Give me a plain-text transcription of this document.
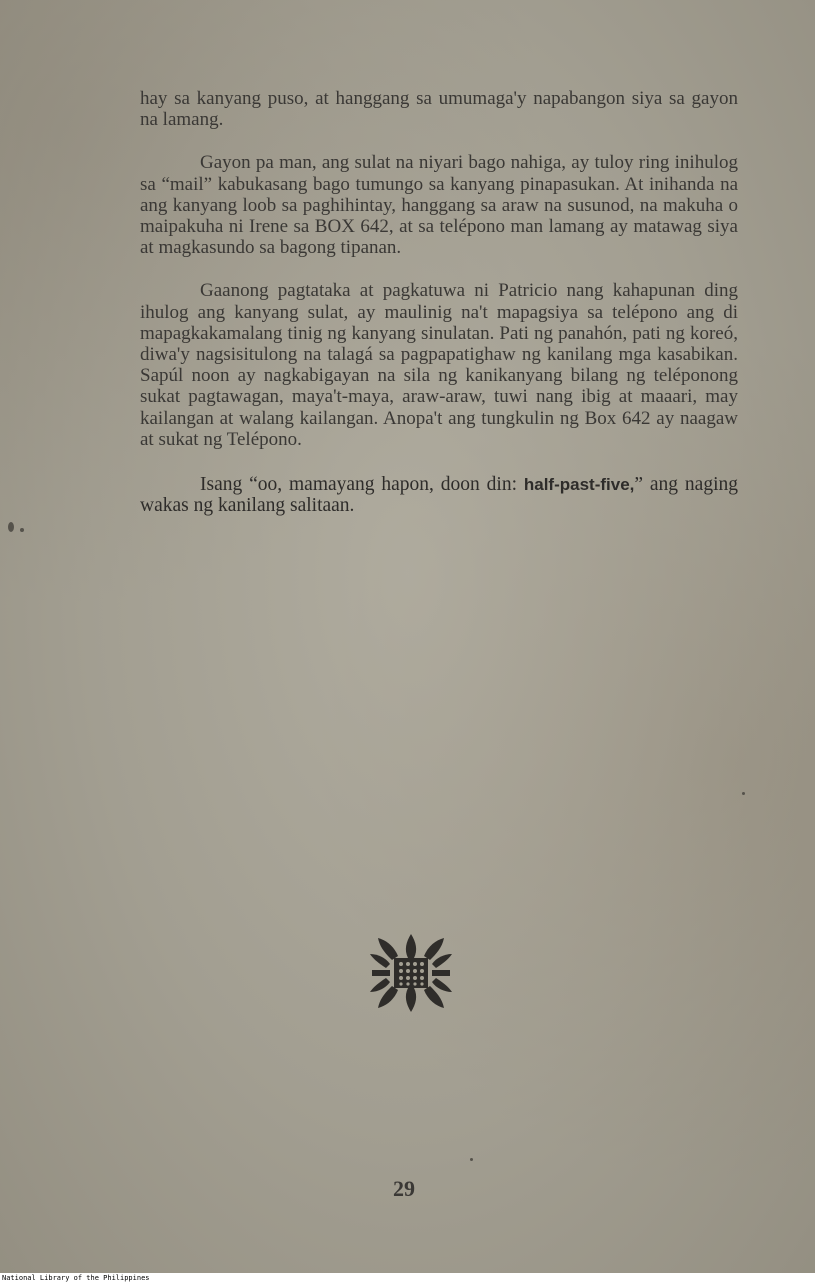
hay sa kanyang puso, at hanggang sa umumaga'y napabangon siya sa gayon na lamang.

Gayon pa man, ang sulat na niyari bago nahiga, ay tuloy ring inihulog sa “mail” kabukasang bago tumungo sa kanyang pinapasukan. At inihanda na ang kanyang loob sa paghihintay, hanggang sa araw na susunod, na makuha o maipakuha ni Irene sa BOX 642, at sa telépono man lamang ay matawag siya at magkasundo sa bagong tipanan.

Gaanong pagtataka at pagkatuwa ni Patricio nang kahapunan ding ihulog ang kanyang sulat, ay maulinig na't mapagsiya sa telépono ang di mapagkakamalang tinig ng kanyang sinulatan. Pati ng panahón, pati ng koreó, diwa'y nagsisitulong na talagá sa pagpapatighaw ng kanilang mga kasabikan. Sapúl noon ay nagkabigayan na sila ng kanikanyang bilang ng teléponong sukat pagtawagan, maya't-maya, araw-araw, tuwi nang ibig at maaari, may kailangan at walang kailangan. Anopa't ang tungkulin ng Box 642 ay naagaw at sukat ng Telépono.

Isang “oo, mamayang hapon, doon din: half-past-five,” ang naging wakas ng kanilang salitaan.

29
National Library of the Philippines
